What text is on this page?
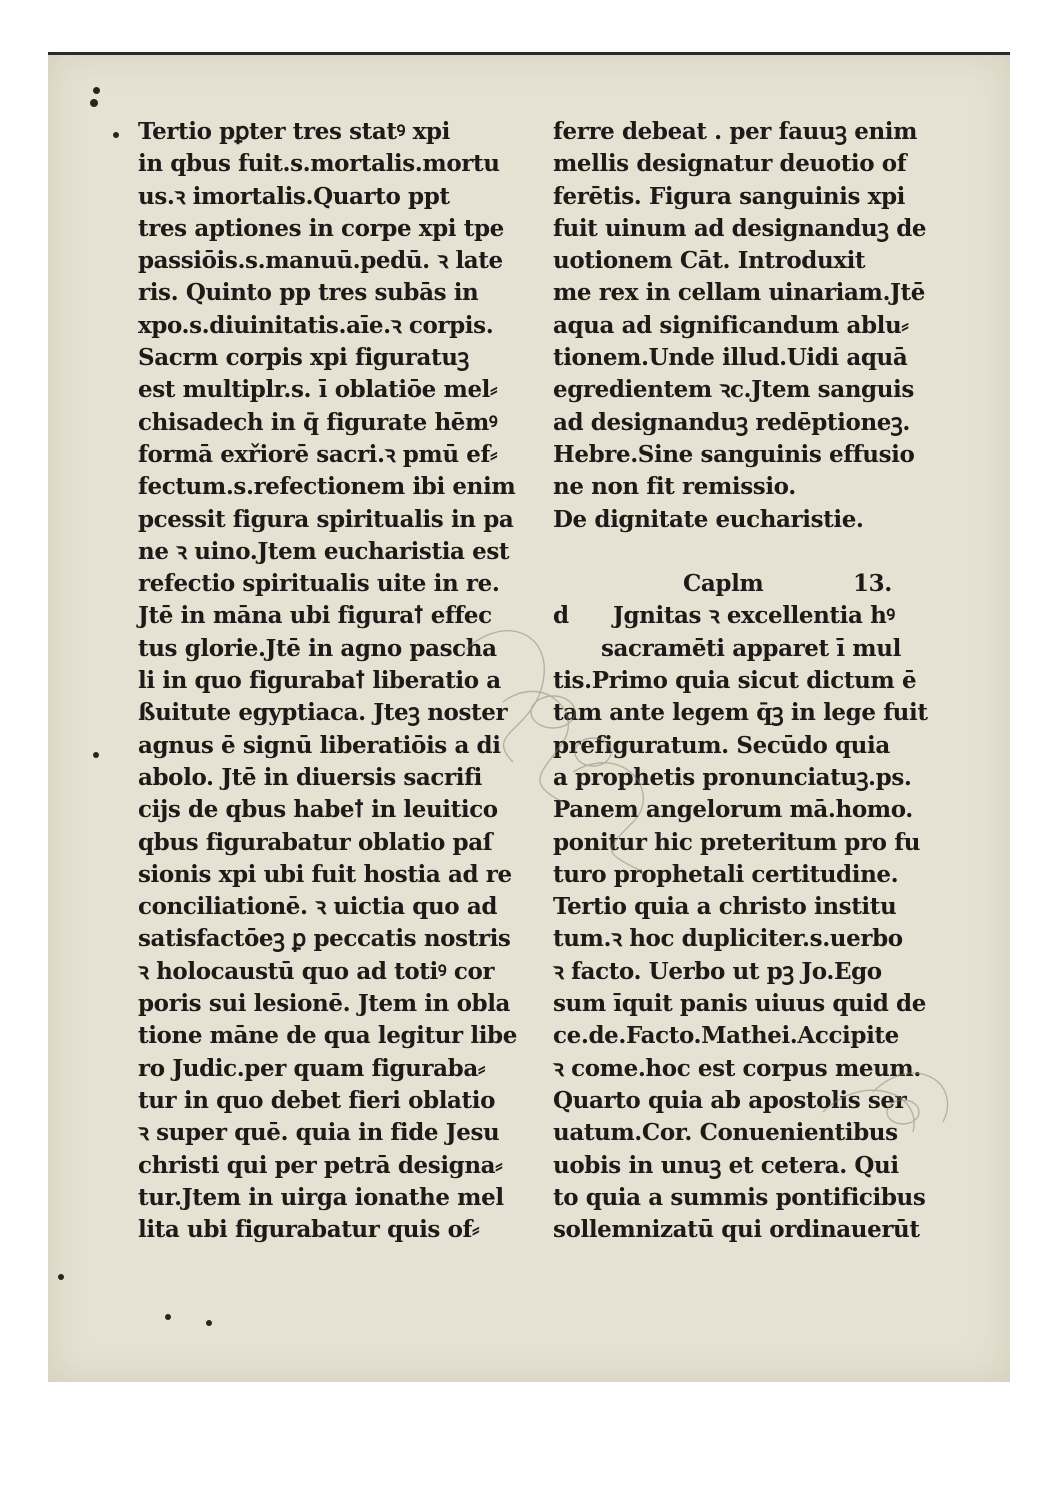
Tertio pꝑter tres statꝰ xpi
in qbus fuit.s.mortalis.mortu
us.ꝛ imortalis.Quarto ppt
tres aptiones in corpe xpi tpe
passiōis.s.manuū.pedū. ꝛ late
ris. Quinto pp tres subās in
xpo.s.diuinitatis.aīe.ꝛ corpis.
Sacrm corpis xpi figuratuꝫ
est multiplr.s. ī oblatiōe mel⸗
chisadech in q̄ figurate hēmꝰ
formā exřiorē sacri.ꝛ pmū ef⸗
fectum.s.refectionem ibi enim
pcessit figura spiritualis in pa
ne ꝛ uino.Jtem eucharistia est
refectio spiritualis uite in re.
Jtē in māna ubi figuraꝉ effec
tus glorie.Jtē in agno pascha
li in quo figurabaꝉ liberatio a
ßuitute egyptiaca. Jteꝫ noster
agnus ē signū liberatiōis a di
abolo. Jtē in diuersis sacrifi
cijs de qbus habeꝉ in leuitico
qbus figurabatur oblatio paſ
sionis xpi ubi fuit hostia ad re
conciliationē. ꝛ uictia quo ad
satisfactōeꝫ ꝑ peccatis nostris
ꝛ holocaustū quo ad totiꝰ cor
poris sui lesionē. Jtem in obla
tione māne de qua legitur libe
ro Judic.per quam figuraba⸗
tur in quo debet fieri oblatio
ꝛ super quē. quia in fide Jesu
christi qui per petrā designa⸗
tur.Jtem in uirga ionathe mel
lita ubi figurabatur quis of⸗
ferre debeat . per fauuꝫ enim
mellis designatur deuotio of
ferētis. Figura sanguinis xpi
fuit uinum ad designanduꝫ de
uotionem Cāt. Introduxit
me rex in cellam uinariam.Jtē
aqua ad significandum ablu⸗
tionem.Unde illud.Uidi aquā
egredientem ꝛc.Jtem sanguis
ad designanduꝫ redēptioneꝫ.
Hebre.Sine sanguinis effusio
ne non fit remissio.
De dignitate eucharistie.
Caplm	13.
d Jgnitas ꝛ excellentia hꝰ
sacramēti apparet ī mul
tis.Primo quia sicut dictum ē
tam ante legem q̄ꝫ in lege fuit
prefiguratum. Secūdo quia
a prophetis pronunciatuꝫ.ps.
Panem angelorum mā.homo.
ponitur hic preteritum pro fu
turo prophetali certitudine.
Tertio quia a christo institu
tum.ꝛ hoc dupliciter.s.uerbo
ꝛ facto. Uerbo ut pꝫ Jo.Ego
sum īquit panis uiuus quid de
ce.de.Facto.Mathei.Accipite
ꝛ come.hoc est corpus meum.
Quarto quia ab apostolis ser
uatum.Cor. Conuenientibus
uobis in unuꝫ et cetera. Qui
to quia a summis pontificibus
sollemnizatū qui ordinauerūt
